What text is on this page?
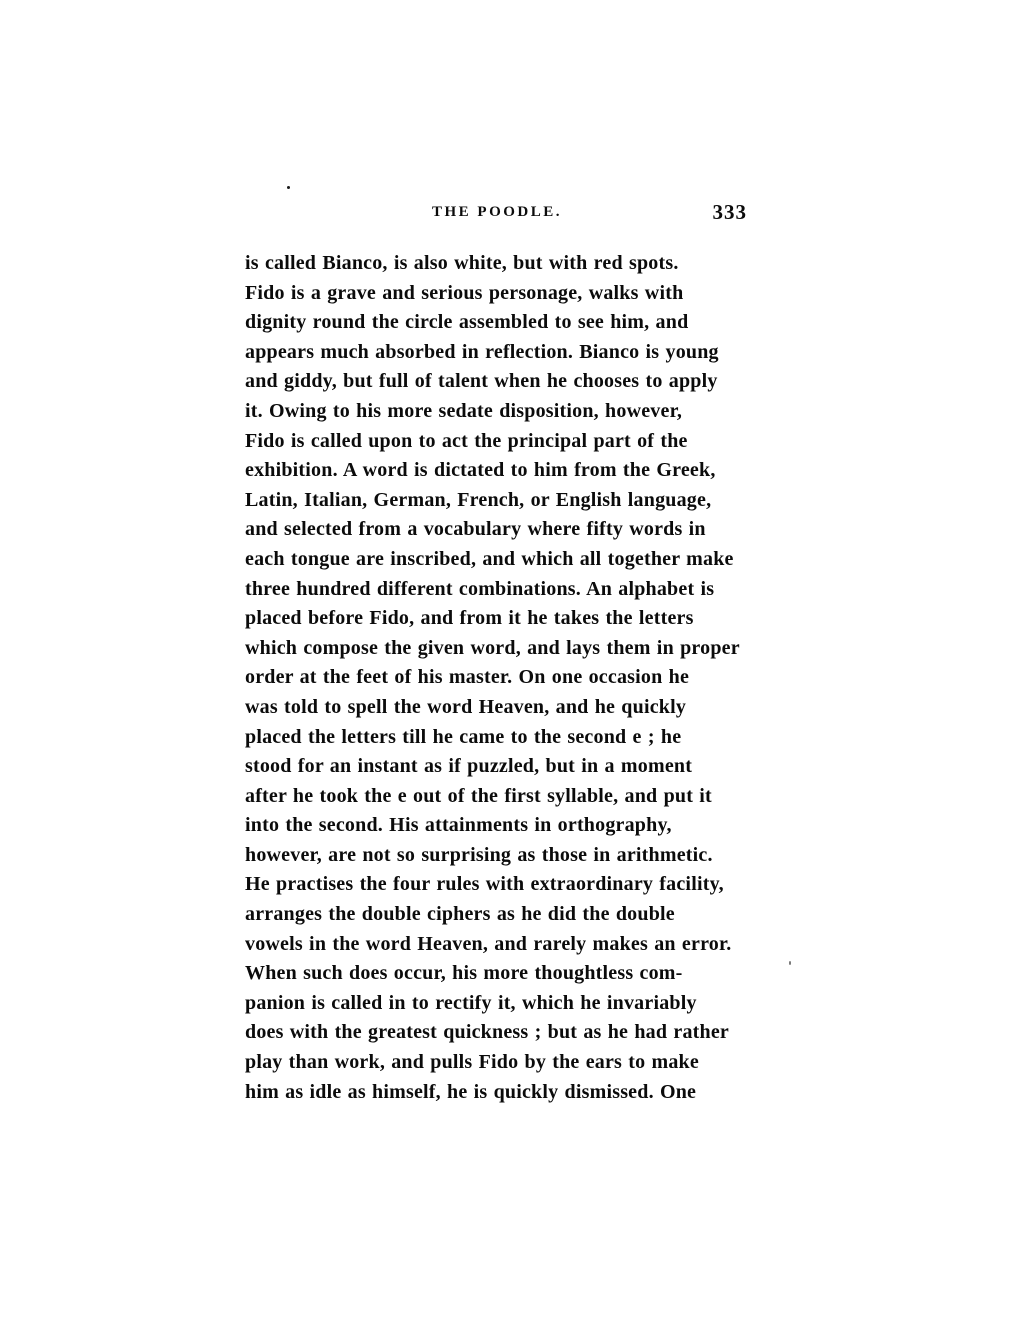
THE POODLE.	333
is called Bianco, is also white, but with red spots.
Fido is a grave and serious personage, walks with
dignity round the circle assembled to see him, and
appears much absorbed in reflection. Bianco is young
and giddy, but full of talent when he chooses to apply
it. Owing to his more sedate disposition, however,
Fido is called upon to act the principal part of the
exhibition. A word is dictated to him from the Greek,
Latin, Italian, German, French, or English language,
and selected from a vocabulary where fifty words in
each tongue are inscribed, and which all together make
three hundred different combinations. An alphabet is
placed before Fido, and from it he takes the letters
which compose the given word, and lays them in proper
order at the feet of his master. On one occasion he
was told to spell the word Heaven, and he quickly
placed the letters till he came to the second e ; he
stood for an instant as if puzzled, but in a moment
after he took the e out of the first syllable, and put it
into the second. His attainments in orthography,
however, are not so surprising as those in arithmetic.
He practises the four rules with extraordinary facility,
arranges the double ciphers as he did the double
vowels in the word Heaven, and rarely makes an error.
When such does occur, his more thoughtless com-
panion is called in to rectify it, which he invariably
does with the greatest quickness ; but as he had rather
play than work, and pulls Fido by the ears to make
him as idle as himself, he is quickly dismissed. One
